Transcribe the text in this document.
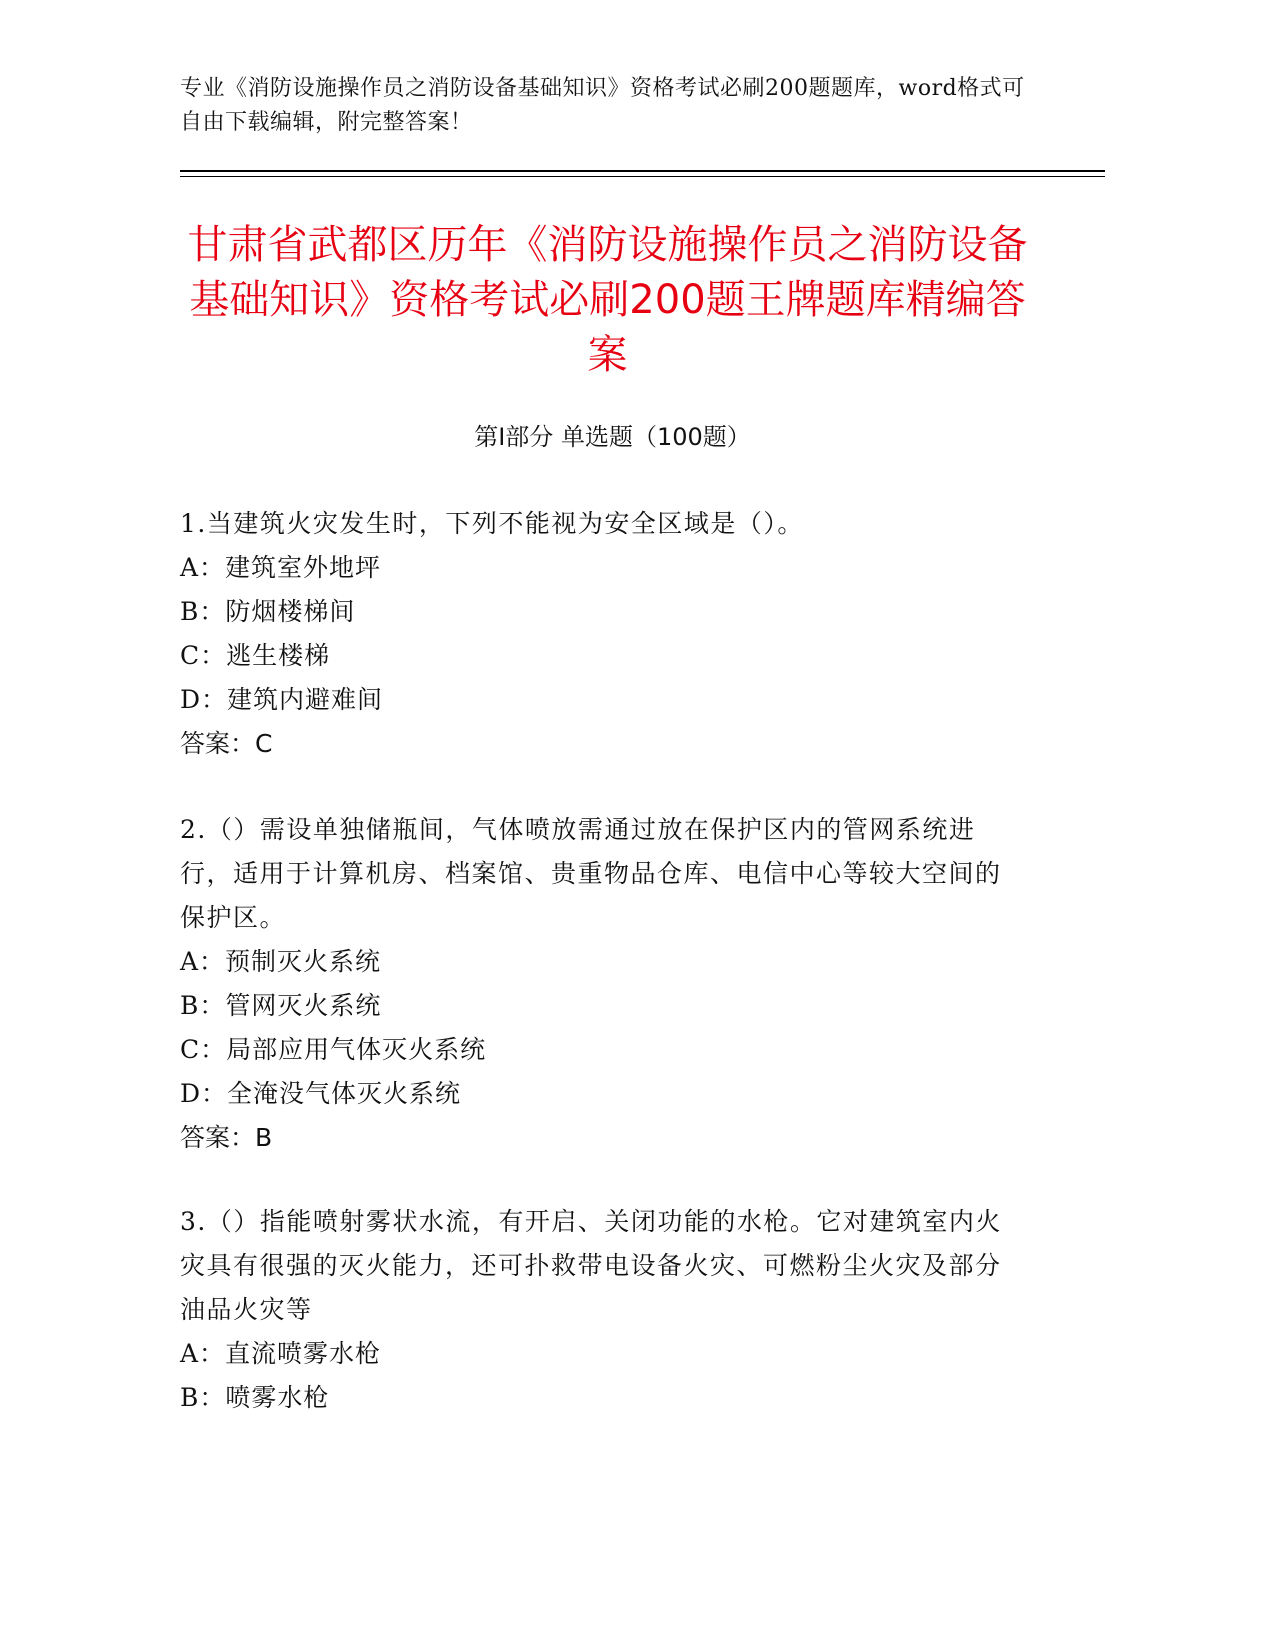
专业《消防设施操作员之消防设备基础知识》资格考试必刷200题题库，word格式可自由下载编辑，附完整答案！
甘肃省武都区历年《消防设施操作员之消防设备基础知识》资格考试必刷200题王牌题库精编答案
第Ⅰ部分 单选题（100题）
1.当建筑火灾发生时，下列不能视为安全区域是（）。
A：建筑室外地坪
B：防烟楼梯间
C：逃生楼梯
D：建筑内避难间
答案：C
2.（）需设单独储瓶间，气体喷放需通过放在保护区内的管网系统进行，适用于计算机房、档案馆、贵重物品仓库、电信中心等较大空间的保护区。
A：预制灭火系统
B：管网灭火系统
C：局部应用气体灭火系统
D：全淹没气体灭火系统
答案：B
3.（）指能喷射雾状水流，有开启、关闭功能的水枪。它对建筑室内火灾具有很强的灭火能力，还可扑救带电设备火灾、可燃粉尘火灾及部分油品火灾等
A：直流喷雾水枪
B：喷雾水枪
